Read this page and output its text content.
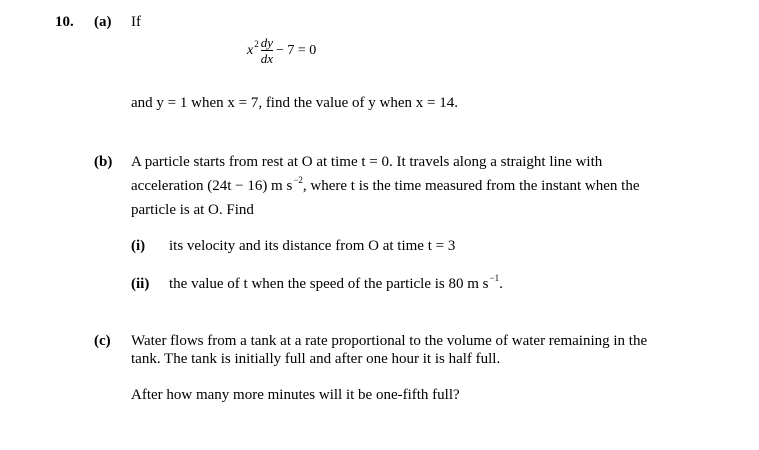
10. (a) If
$x^2 \frac{dy}{dx} - 7 = 0$
and y = 1 when x = 7, find the value of y when x = 14.
(b) A particle starts from rest at O at time t = 0. It travels along a straight line with
acceleration (24t − 16) m $s^{-2}$, where t is the time measured from the instant when the
particle is at O. Find
(i) its velocity and its distance from O at time t = 3
(ii) the value of t when the speed of the particle is 80 m $s^{-1}$.
(c) Water flows from a tank at a rate proportional to the volume of water remaining in the
tank. The tank is initially full and after one hour it is half full.
After how many more minutes will it be one-fifth full?
